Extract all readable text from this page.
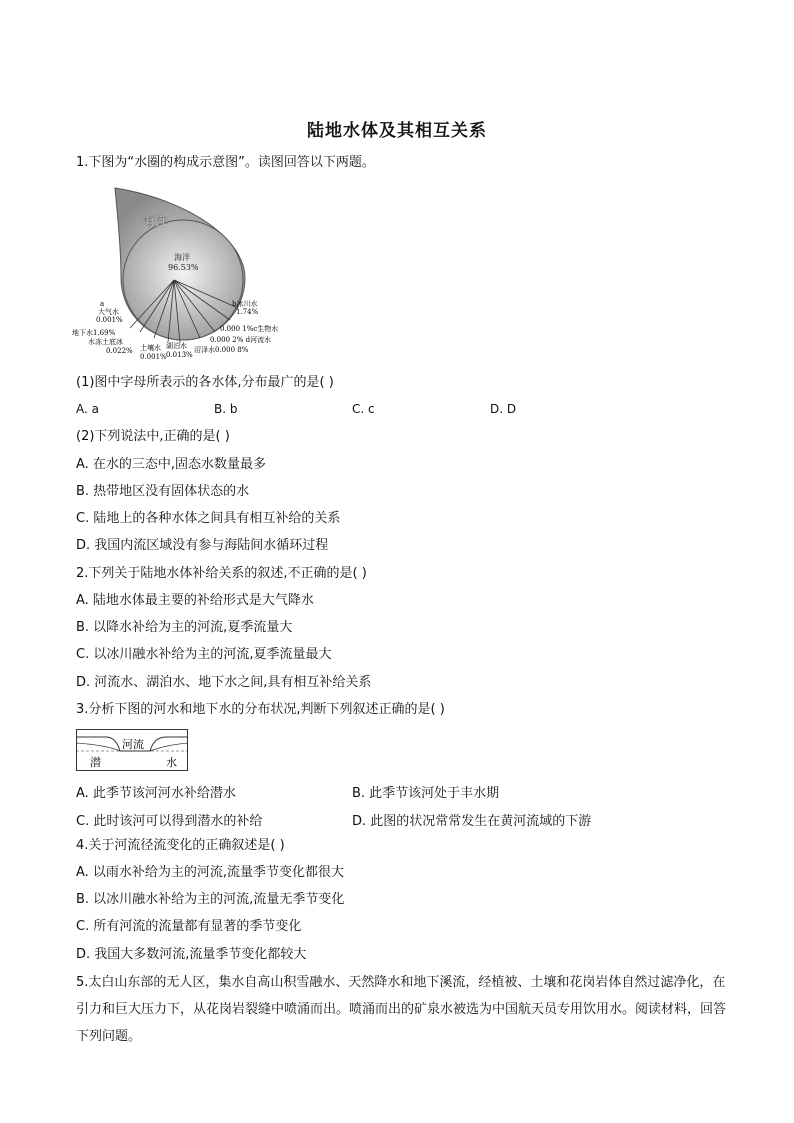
陆地水体及其相互关系
1.下图为“水圈的构成示意图”。读图回答以下两题。
海洋
海洋
96.53%
a
大气水
0.001%
地下水1.69%
水冻土底冰
0.022% 土壤水
0.001%
湖泊水
0.013%
沼泽水0.000 8%
b冰川水
1.74%
0.000 1%c生物水
0.000 2% d河流水
(1)图中字母所表示的各水体,分布最广的是( )
A. a	B. b	C. c	D. D
(2)下列说法中,正确的是( )
A. 在水的三态中,固态水数量最多
B. 热带地区没有固体状态的水
C. 陆地上的各种水体之间具有相互补给的关系
D. 我国内流区域没有参与海陆间水循环过程
2.下列关于陆地水体补给关系的叙述,不正确的是( )
A. 陆地水体最主要的补给形式是大气降水
B. 以降水补给为主的河流,夏季流量大
C. 以冰川融水补给为主的河流,夏季流量最大
D. 河流水、湖泊水、地下水之间,具有相互补给关系
3.分析下图的河水和地下水的分布状况,判断下列叙述正确的是( )
河流
潜	水
A. 此季节该河河水补给潜水	B. 此季节该河处于丰水期
C. 此时该河可以得到潜水的补给	D. 此图的状况常常发生在黄河流域的下游
4.关于河流径流变化的正确叙述是( )
A. 以雨水补给为主的河流,流量季节变化都很大
B. 以冰川融水补给为主的河流,流量无季节变化
C. 所有河流的流量都有显著的季节变化
D. 我国大多数河流,流量季节变化都较大
5.太白山东部的无人区，集水自高山积雪融水、天然降水和地下溪流，经植被、土壤和花岗岩体自然过滤净化，在引力和巨大压力下，从花岗岩裂缝中喷涌而出。喷涌而出的矿泉水被选为中国航天员专用饮用水。阅读材料，回答下列问题。
